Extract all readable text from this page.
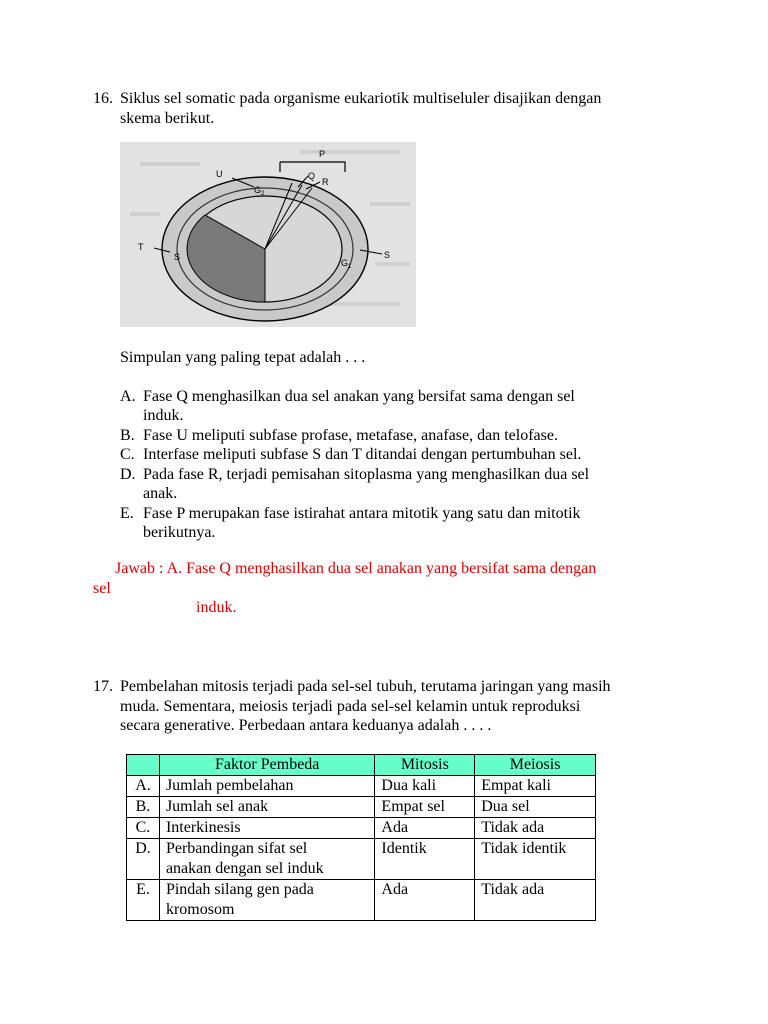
16. Siklus sel somatic pada organisme eukariotik multiseluler disajikan dengan
skema berikut.
P
Q
R
U
T
S
S
G 2
G 1
Simpulan yang paling tepat adalah . . .
A. Fase Q menghasilkan dua sel anakan yang bersifat sama dengan sel
induk.
B. Fase U meliputi subfase profase, metafase, anafase, dan telofase.
C. Interfase meliputi subfase S dan T ditandai dengan pertumbuhan sel.
D. Pada fase R, terjadi pemisahan sitoplasma yang menghasilkan dua sel
anak.
E. Fase P merupakan fase istirahat antara mitotik yang satu dan mitotik
berikutnya.
Jawab : A. Fase Q menghasilkan dua sel anakan yang bersifat sama dengan
sel
induk.
17. Pembelahan mitosis terjadi pada sel-sel tubuh, terutama jaringan yang masih
muda. Sementara, meiosis terjadi pada sel-sel kelamin untuk reproduksi
secara generative. Perbedaan antara keduanya adalah . . . .
	Faktor Pembeda	Mitosis	Meiosis
A.	Jumlah pembelahan	Dua kali	Empat kali
B.	Jumlah sel anak	Empat sel	Dua sel
C.	Interkinesis	Ada	Tidak ada
D.	Perbandingan sifat sel
anakan dengan sel induk	Identik	Tidak identik
E.	Pindah silang gen pada
kromosom	Ada	Tidak ada
